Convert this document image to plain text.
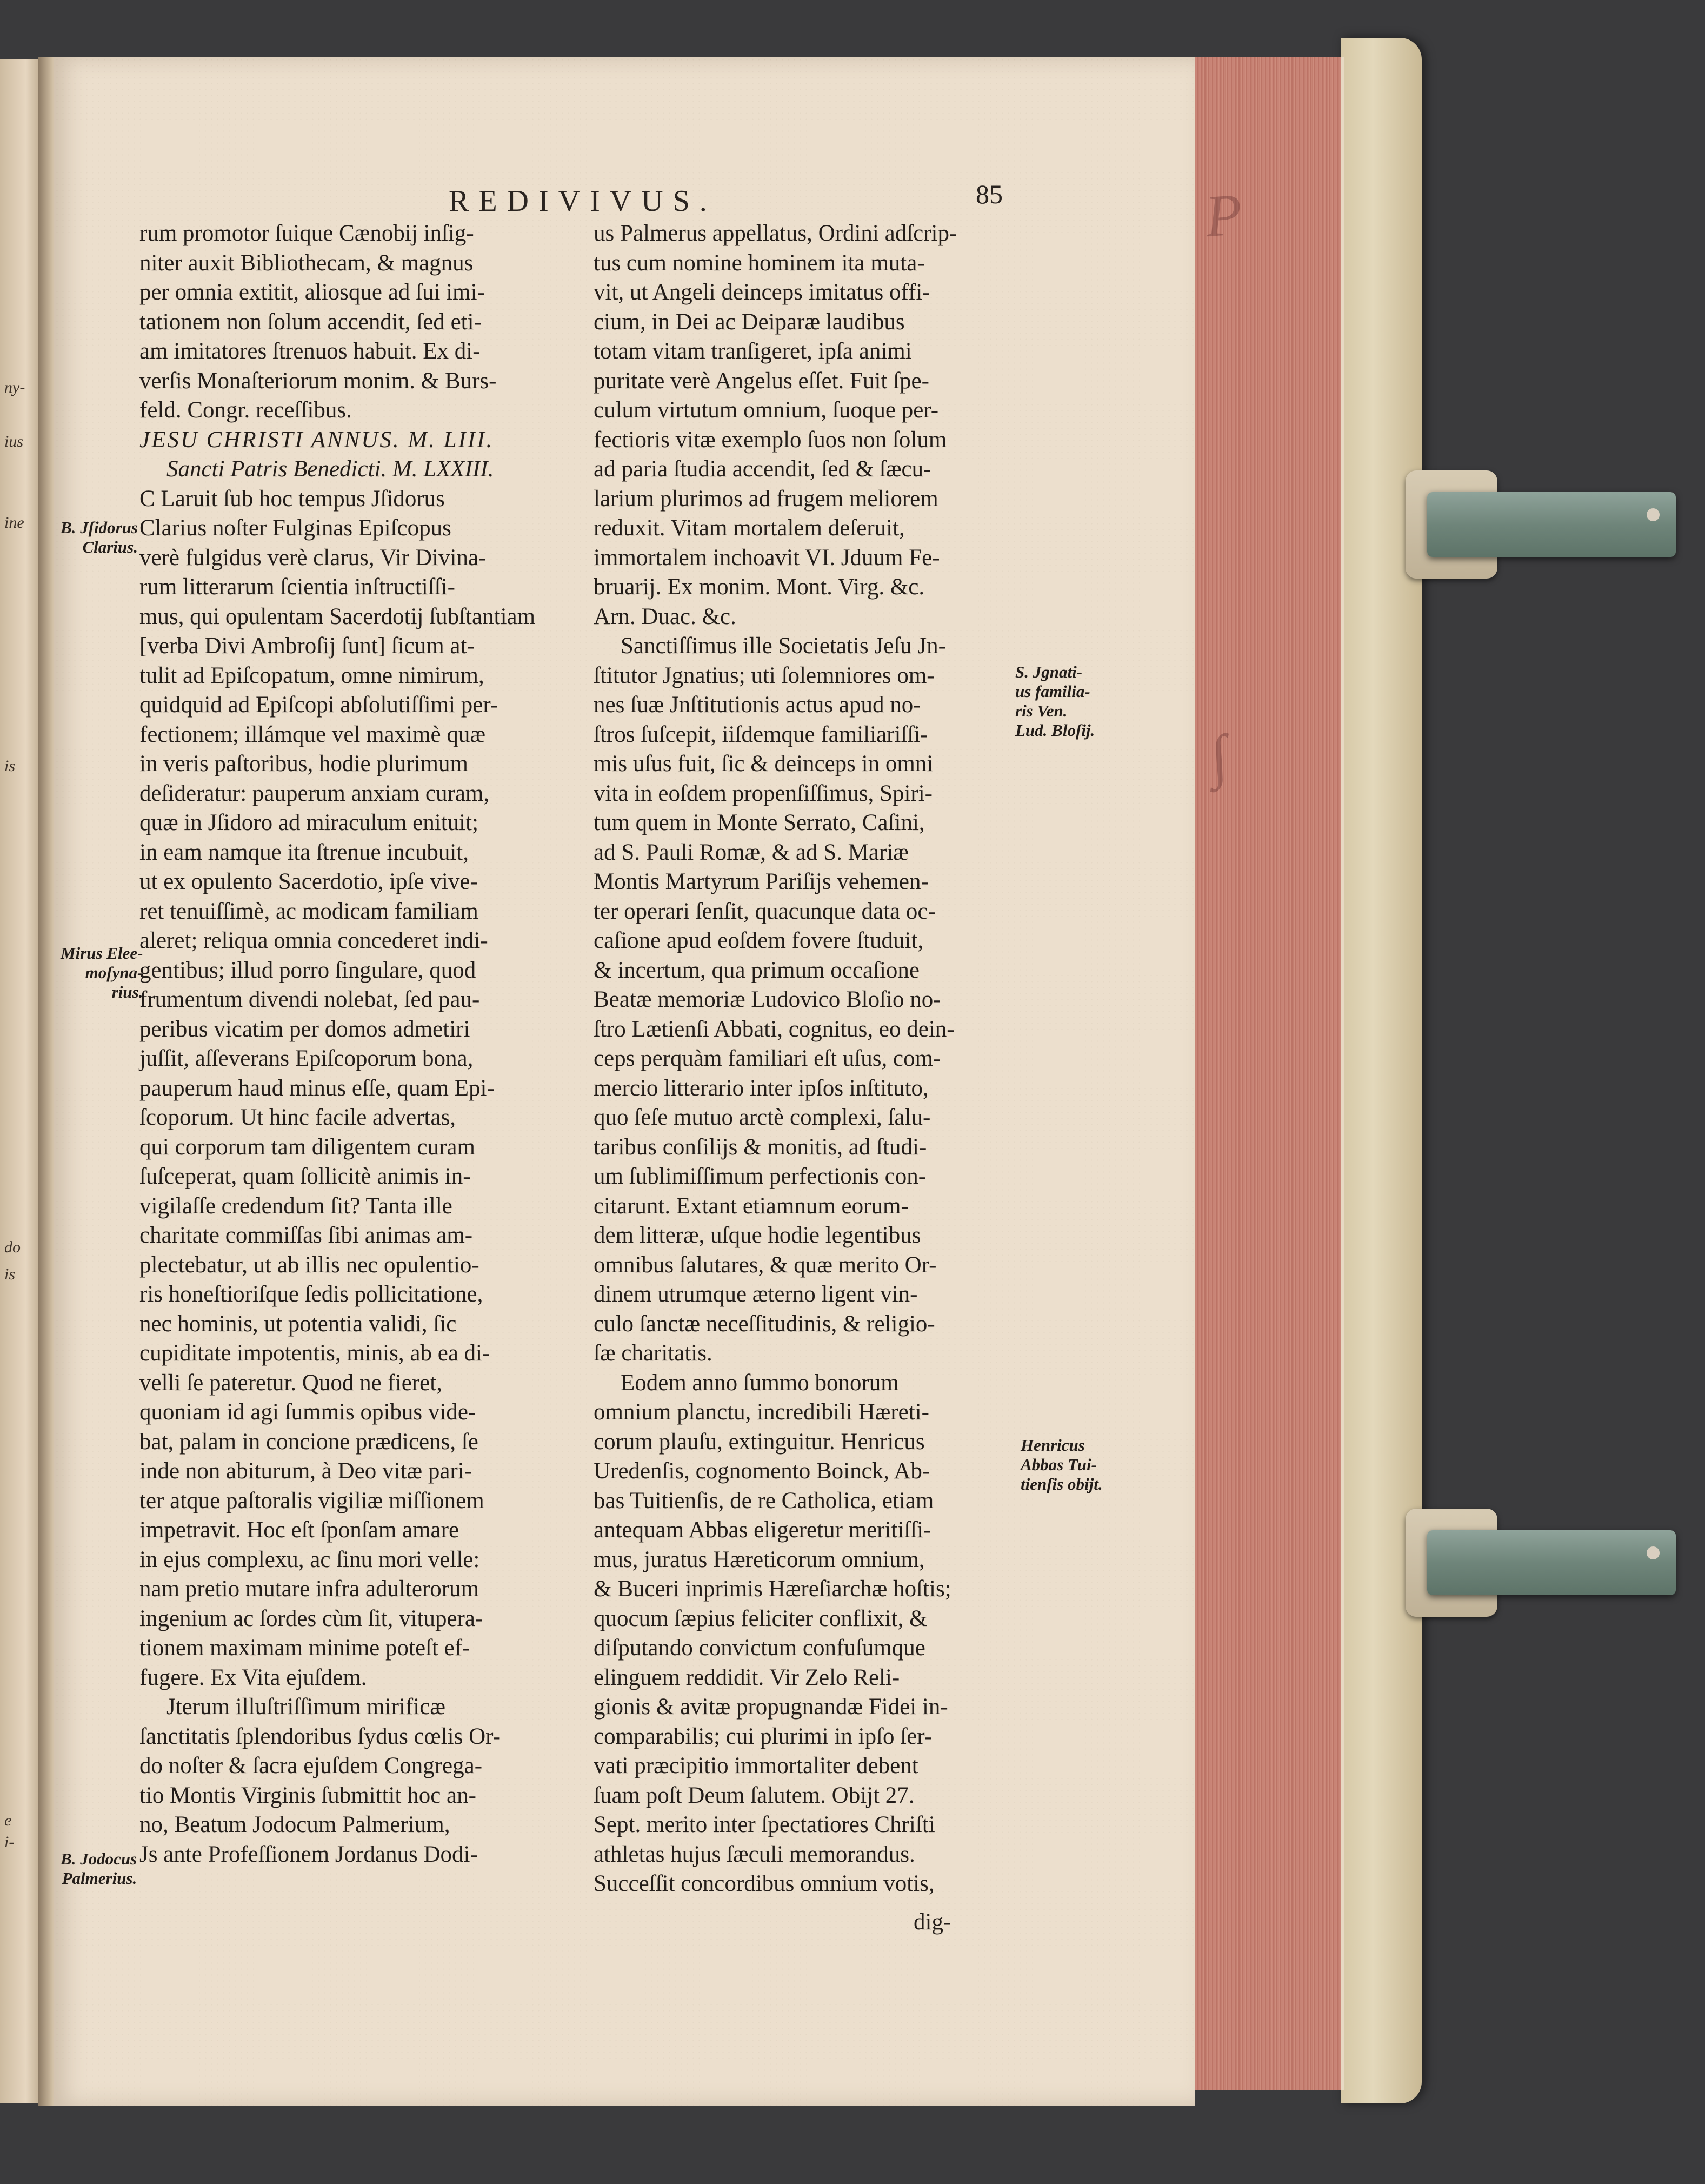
ny-
ius
ine
is
do
is
e
i-
Ρ
∫
REDIVIVUS.	85
rum promotor ſuique Cænobij inſig-
niter auxit Bibliothecam, & magnus
per omnia extitit, aliosque ad ſui imi-
tationem non ſolum accendit, ſed eti-
am imitatores ſtrenuos habuit. Ex di-
verſis Monaſteriorum monim. & Burs-
feld. Congr. receſſibus.
JESU CHRISTI ANNUS. M. LIII.
Sancti Patris Benedicti. M. LXXIII.
C Laruit ſub hoc tempus Jſidorus
Clarius noſter Fulginas Epiſcopus
verè fulgidus verè clarus, Vir Divina-
rum litterarum ſcientia inſtructiſſi-
mus, qui opulentam Sacerdotij ſubſtantiam
[verba Divi Ambroſij ſunt] ſicum at-
tulit ad Epiſcopatum, omne nimirum,
quidquid ad Epiſcopi abſolutiſſimi per-
fectionem; illámque vel maximè quæ
in veris paſtoribus, hodie plurimum
deſideratur: pauperum anxiam curam,
quæ in Jſidoro ad miraculum enituit;
in eam namque ita ſtrenue incubuit,
ut ex opulento Sacerdotio, ipſe vive-
ret tenuiſſimè, ac modicam familiam
aleret; reliqua omnia concederet indi-
gentibus; illud porro ſingulare, quod
frumentum divendi nolebat, ſed pau-
peribus vicatim per domos admetiri
juſſit, aſſeverans Epiſcoporum bona,
pauperum haud minus eſſe, quam Epi-
ſcoporum. Ut hinc facile advertas,
qui corporum tam diligentem curam
ſuſceperat, quam ſollicitè animis in-
vigilaſſe credendum ſit? Tanta ille
charitate commiſſas ſibi animas am-
plectebatur, ut ab illis nec opulentio-
ris honeſtioriſque ſedis pollicitatione,
nec hominis, ut potentia validi, ſic
cupiditate impotentis, minis, ab ea di-
velli ſe pateretur. Quod ne fieret,
quoniam id agi ſummis opibus vide-
bat, palam in concione prædicens, ſe
inde non abiturum, à Deo vitæ pari-
ter atque paſtoralis vigiliæ miſſionem
impetravit. Hoc eſt ſponſam amare
in ejus complexu, ac ſinu mori velle:
nam pretio mutare infra adulterorum
ingenium ac ſordes cùm ſit, vitupera-
tionem maximam minime poteſt ef-
fugere. Ex Vita ejuſdem.
Jterum illuſtriſſimum mirificæ
ſanctitatis ſplendoribus ſydus cœlis Or-
do noſter & ſacra ejuſdem Congrega-
tio Montis Virginis ſubmittit hoc an-
no, Beatum Jodocum Palmerium,
Js ante Profeſſionem Jordanus Dodi-
us Palmerus appellatus, Ordini adſcrip-
tus cum nomine hominem ita muta-
vit, ut Angeli deinceps imitatus offi-
cium, in Dei ac Deiparæ laudibus
totam vitam tranſigeret, ipſa animi
puritate verè Angelus eſſet. Fuit ſpe-
culum virtutum omnium, ſuoque per-
fectioris vitæ exemplo ſuos non ſolum
ad paria ſtudia accendit, ſed & ſæcu-
larium plurimos ad frugem meliorem
reduxit. Vitam mortalem deſeruit,
immortalem inchoavit VI. Jduum Fe-
bruarij. Ex monim. Mont. Virg. &c.
Arn. Duac. &c.
Sanctiſſimus ille Societatis Jeſu Jn-
ſtitutor Jgnatius; uti ſolemniores om-
nes ſuæ Jnſtitutionis actus apud no-
ſtros ſuſcepit, iiſdemque familiariſſi-
mis uſus fuit, ſic & deinceps in omni
vita in eoſdem propenſiſſimus, Spiri-
tum quem in Monte Serrato, Caſini,
ad S. Pauli Romæ, & ad S. Mariæ
Montis Martyrum Pariſijs vehemen-
ter operari ſenſit, quacunque data oc-
caſione apud eoſdem fovere ſtuduit,
& incertum, qua primum occaſione
Beatæ memoriæ Ludovico Bloſio no-
ſtro Lætienſi Abbati, cognitus, eo dein-
ceps perquàm familiari eſt uſus, com-
mercio litterario inter ipſos inſtituto,
quo ſeſe mutuo arctè complexi, ſalu-
taribus conſilijs & monitis, ad ſtudi-
um ſublimiſſimum perfectionis con-
citarunt. Extant etiamnum eorum-
dem litteræ, uſque hodie legentibus
omnibus ſalutares, & quæ merito Or-
dinem utrumque æterno ligent vin-
culo ſanctæ neceſſitudinis, & religio-
ſæ charitatis.
Eodem anno ſummo bonorum
omnium planctu, incredibili Hæreti-
corum plauſu, extinguitur. Henricus
Uredenſis, cognomento Boinck, Ab-
bas Tuitienſis, de re Catholica, etiam
antequam Abbas eligeretur meritiſſi-
mus, juratus Hæreticorum omnium,
& Buceri inprimis Hæreſiarchæ hoſtis;
quocum ſæpius feliciter conflixit, &
diſputando convictum confuſumque
elinguem reddidit. Vir Zelo Reli-
gionis & avitæ propugnandæ Fidei in-
comparabilis; cui plurimi in ipſo ſer-
vati præcipitio immortaliter debent
ſuam poſt Deum ſalutem. Obijt 27.
Sept. merito inter ſpectatiores Chriſti
athletas hujus ſæculi memorandus.
Succeſſit concordibus omnium votis,
dig-
B. Jſidorus
Clarius.
Mirus Elee-
moſyna-
rius.
B. Jodocus
Palmerius.
S. Jgnati-
us familia-
ris Ven.
Lud. Bloſij.
Henricus
Abbas Tui-
tienſis obijt.
